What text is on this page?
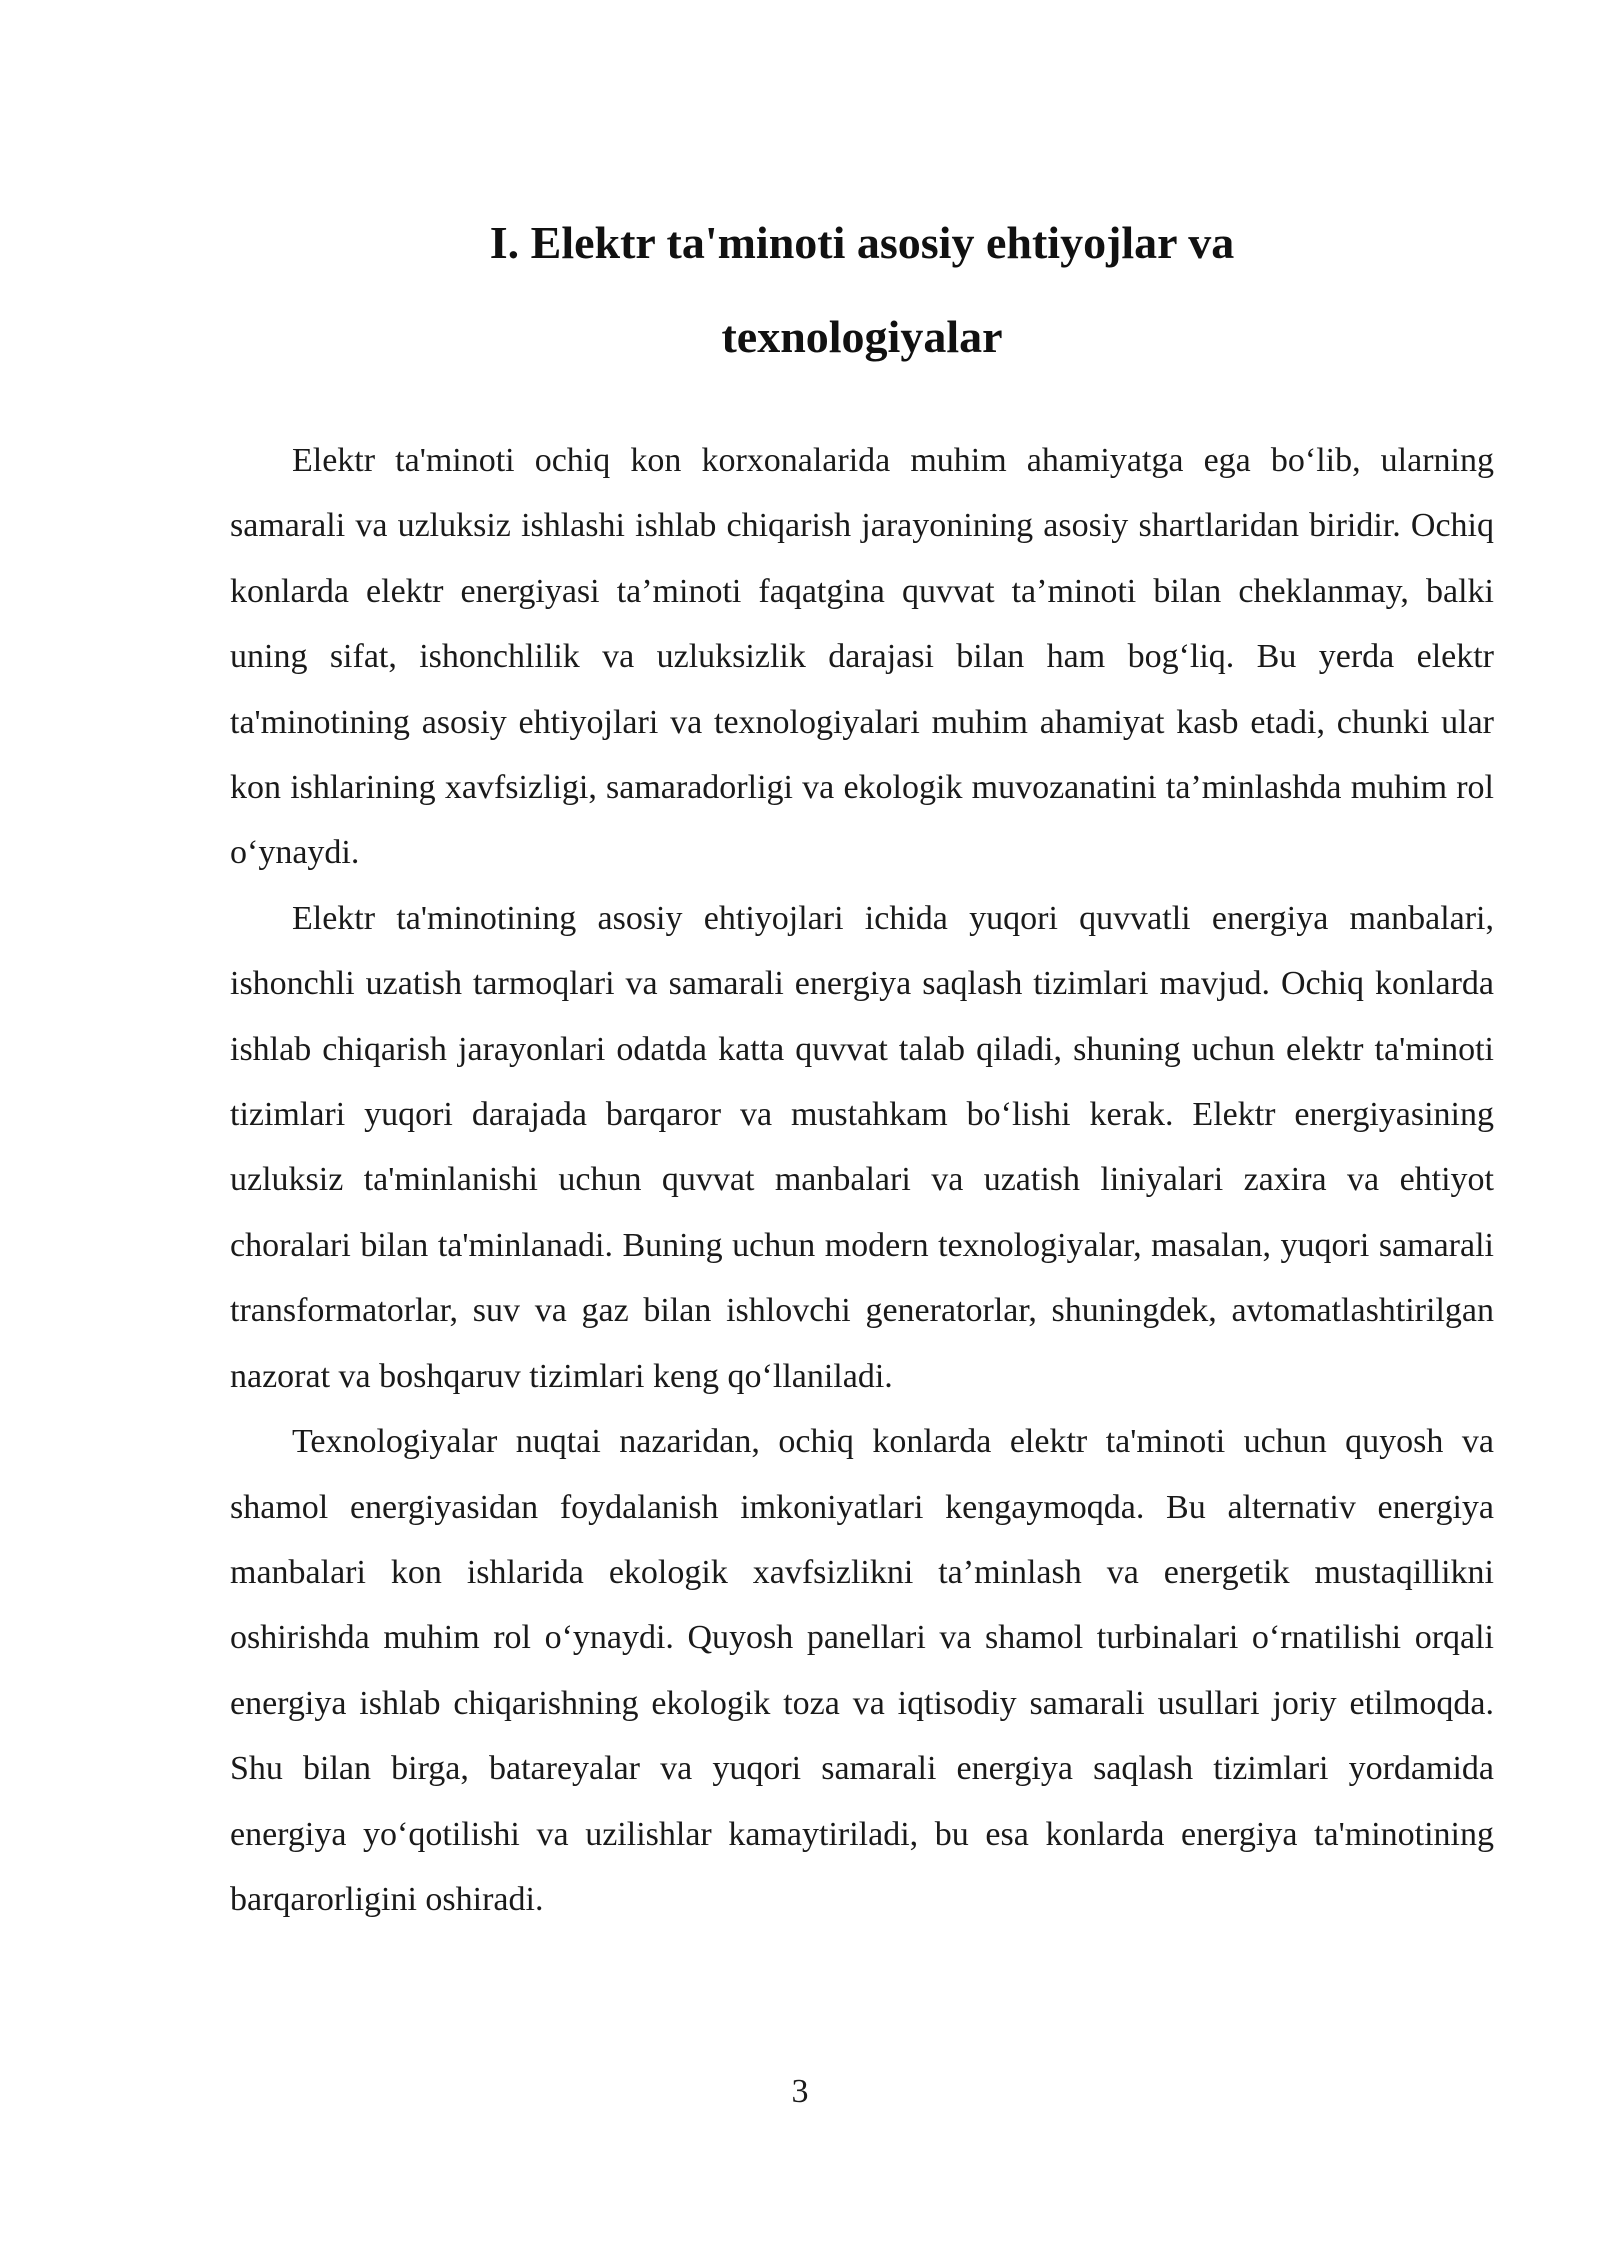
I. Elektr ta'minoti asosiy ehtiyojlar va
texnologiyalar

Elektr ta'minoti ochiq kon korxonalarida muhim ahamiyatga ega bo‘lib, ularning samarali va uzluksiz ishlashi ishlab chiqarish jarayonining asosiy shartlaridan biridir. Ochiq konlarda elektr energiyasi ta’minoti faqatgina quvvat ta’minoti bilan cheklanmay, balki uning sifat, ishonchlilik va uzluksizlik darajasi bilan ham bog‘liq. Bu yerda elektr ta'minotining asosiy ehtiyojlari va texnologiyalari muhim ahamiyat kasb etadi, chunki ular kon ishlarining xavfsizligi, samaradorligi va ekologik muvozanatini ta’minlashda muhim rol o‘ynaydi.

Elektr ta'minotining asosiy ehtiyojlari ichida yuqori quvvatli energiya manbalari, ishonchli uzatish tarmoqlari va samarali energiya saqlash tizimlari mavjud. Ochiq konlarda ishlab chiqarish jarayonlari odatda katta quvvat talab qiladi, shuning uchun elektr ta'minoti tizimlari yuqori darajada barqaror va mustahkam bo‘lishi kerak. Elektr energiyasining uzluksiz ta'minlanishi uchun quvvat manbalari va uzatish liniyalari zaxira va ehtiyot choralari bilan ta'minlanadi. Buning uchun modern texnologiyalar, masalan, yuqori samarali transformatorlar, suv va gaz bilan ishlovchi generatorlar, shuningdek, avtomatlashtirilgan nazorat va boshqaruv tizimlari keng qo‘llaniladi.

Texnologiyalar nuqtai nazaridan, ochiq konlarda elektr ta'minoti uchun quyosh va shamol energiyasidan foydalanish imkoniyatlari kengaymoqda. Bu alternativ energiya manbalari kon ishlarida ekologik xavfsizlikni ta’minlash va energetik mustaqillikni oshirishda muhim rol o‘ynaydi. Quyosh panellari va shamol turbinalari o‘rnatilishi orqali energiya ishlab chiqarishning ekologik toza va iqtisodiy samarali usullari joriy etilmoqda. Shu bilan birga, batareyalar va yuqori samarali energiya saqlash tizimlari yordamida energiya yo‘qotilishi va uzilishlar kamaytiriladi, bu esa konlarda energiya ta'minotining barqarorligini oshiradi.

3
